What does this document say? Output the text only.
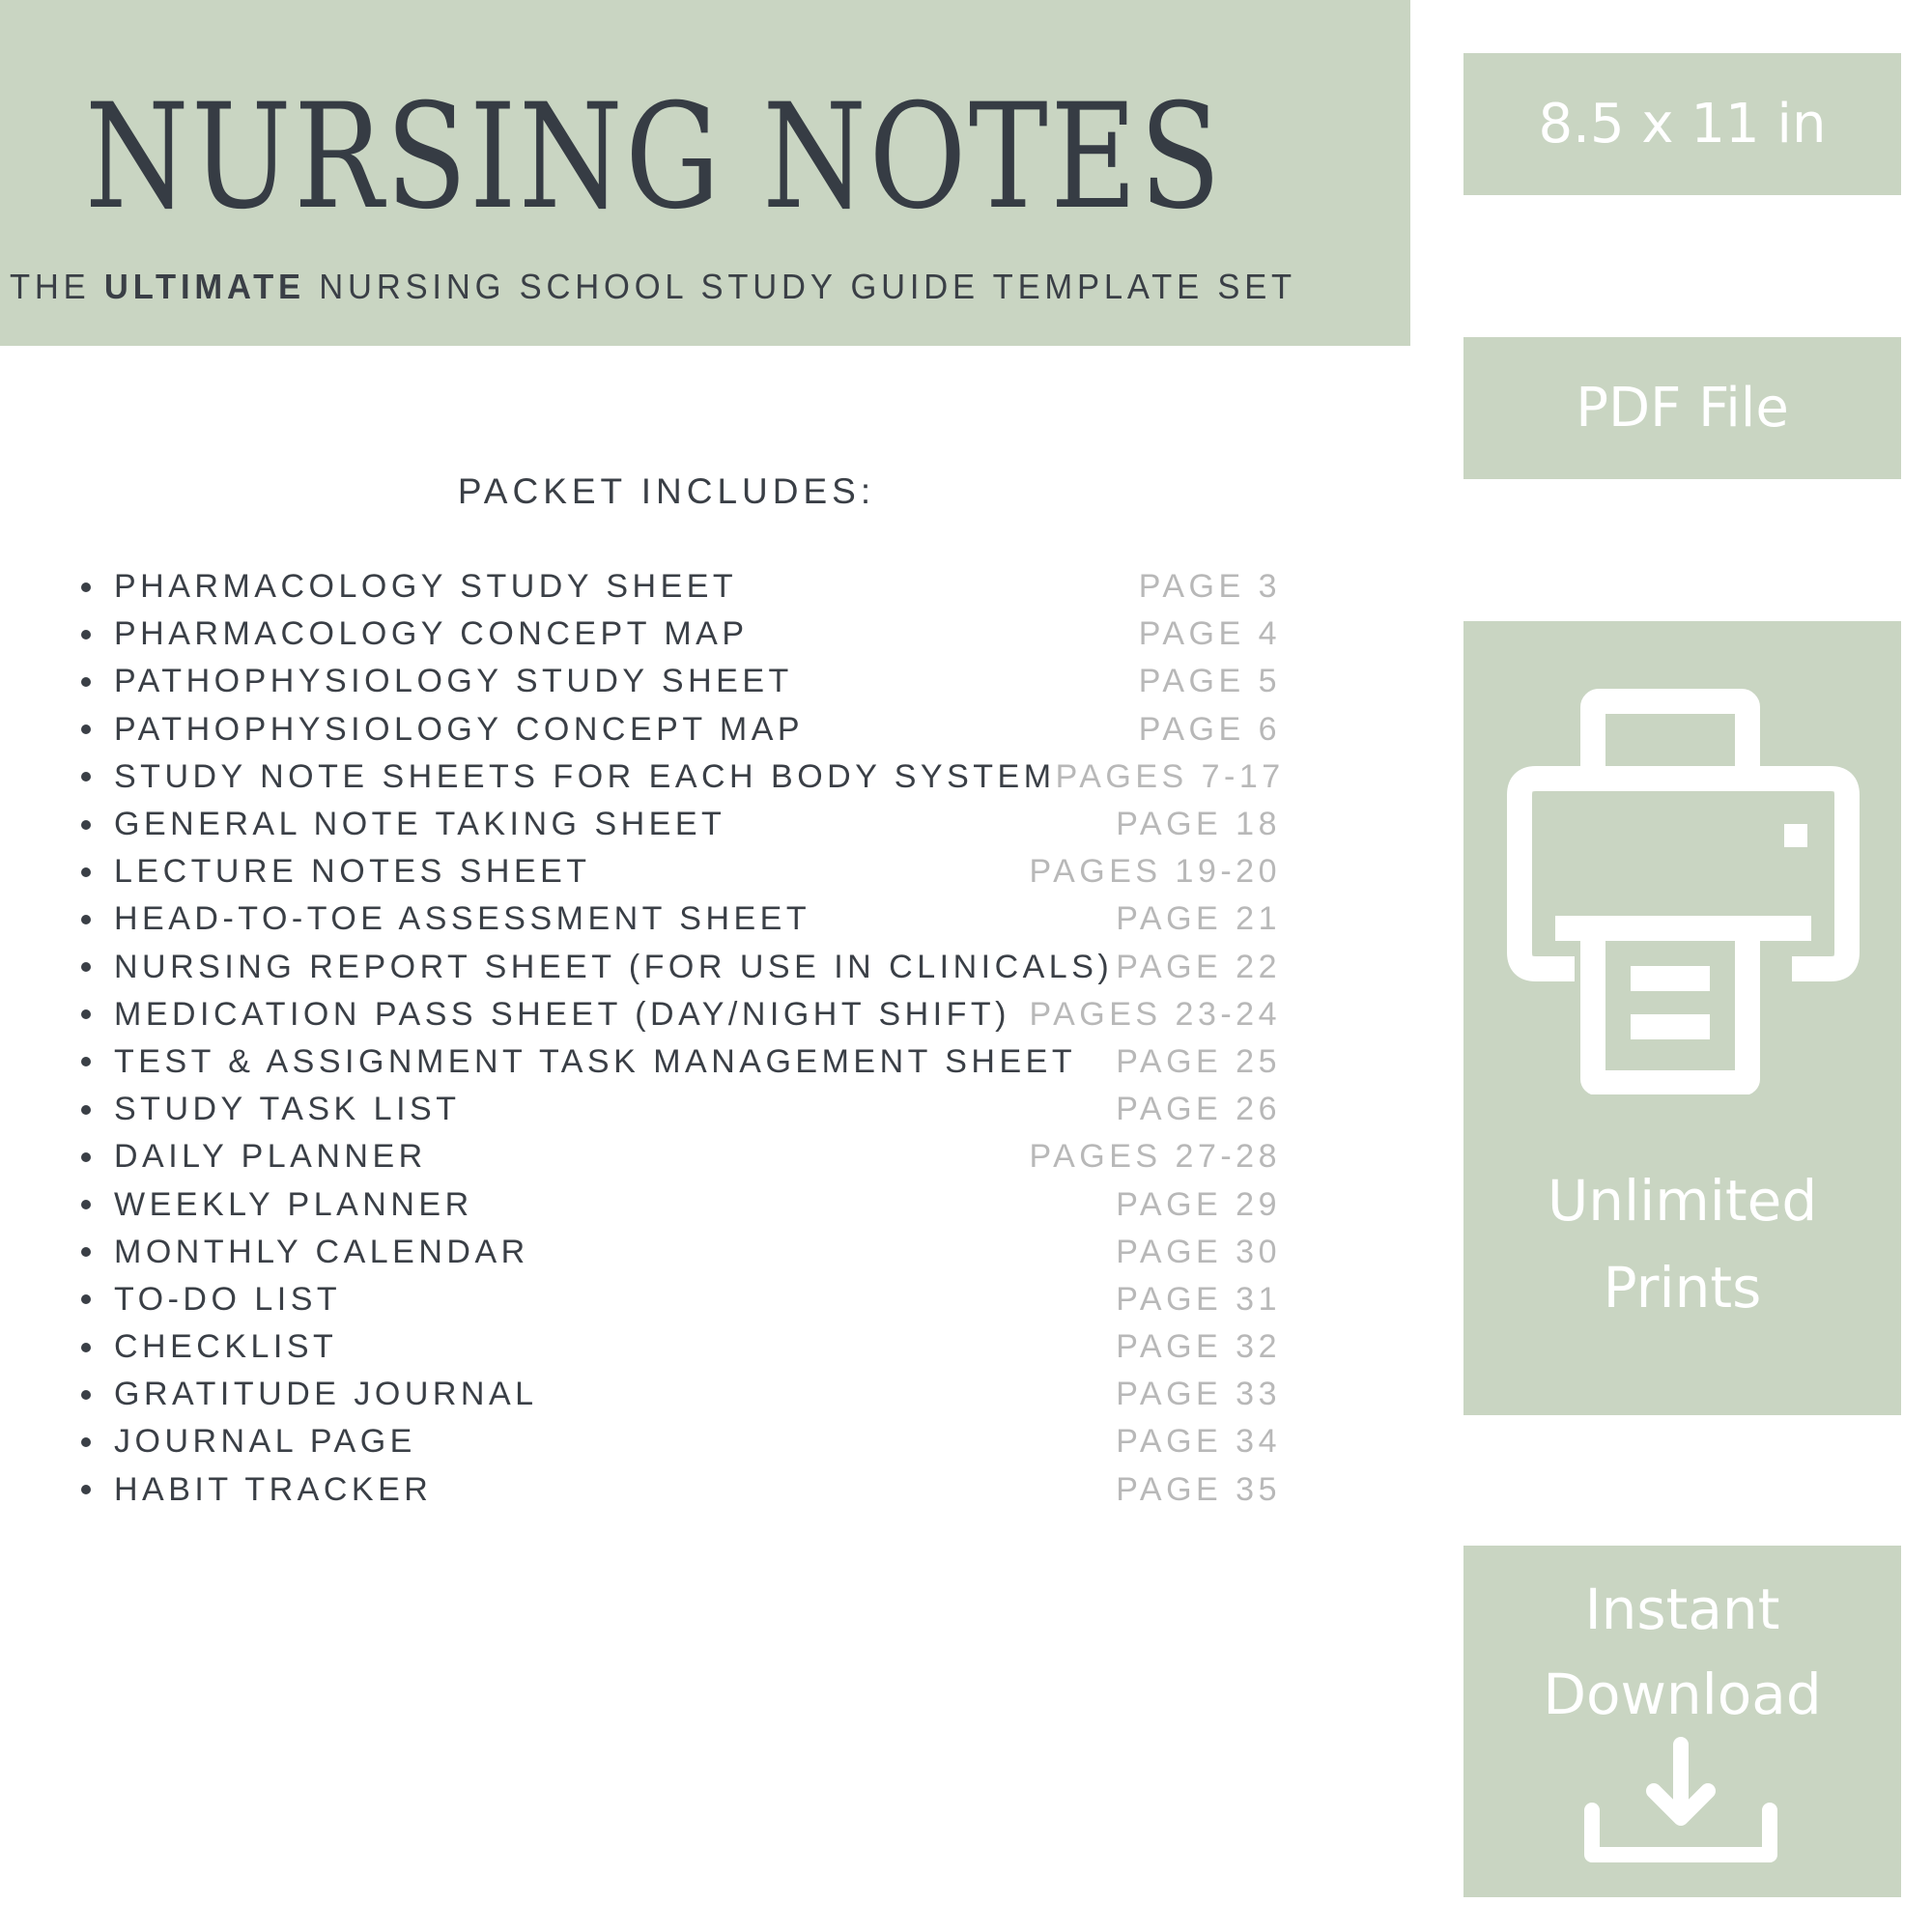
NURSING NOTES
THE ULTIMATE NURSING SCHOOL STUDY GUIDE TEMPLATE SET
PACKET INCLUDES:
PHARMACOLOGY STUDY SHEET	PAGE 3
PHARMACOLOGY CONCEPT MAP	PAGE 4
PATHOPHYSIOLOGY STUDY SHEET	PAGE 5
PATHOPHYSIOLOGY CONCEPT MAP	PAGE 6
STUDY NOTE SHEETS FOR EACH BODY SYSTEM PAGES 7-17
GENERAL NOTE TAKING SHEET	PAGE 18
LECTURE NOTES SHEET	PAGES 19-20
HEAD-TO-TOE ASSESSMENT SHEET	PAGE 21
NURSING REPORT SHEET (FOR USE IN CLINICALS) PAGE 22
MEDICATION PASS SHEET (DAY/NIGHT SHIFT) PAGES 23-24
TEST & ASSIGNMENT TASK MANAGEMENT SHEET PAGE 25
STUDY TASK LIST	PAGE 26
DAILY PLANNER	PAGES 27-28
WEEKLY PLANNER	PAGE 29
MONTHLY CALENDAR	PAGE 30
TO-DO LIST	PAGE 31
CHECKLIST	PAGE 32
GRATITUDE JOURNAL	PAGE 33
JOURNAL PAGE	PAGE 34
HABIT TRACKER	PAGE 35
8.5 x 11 in
PDF File
Unlimited
Prints
Instant
Download
